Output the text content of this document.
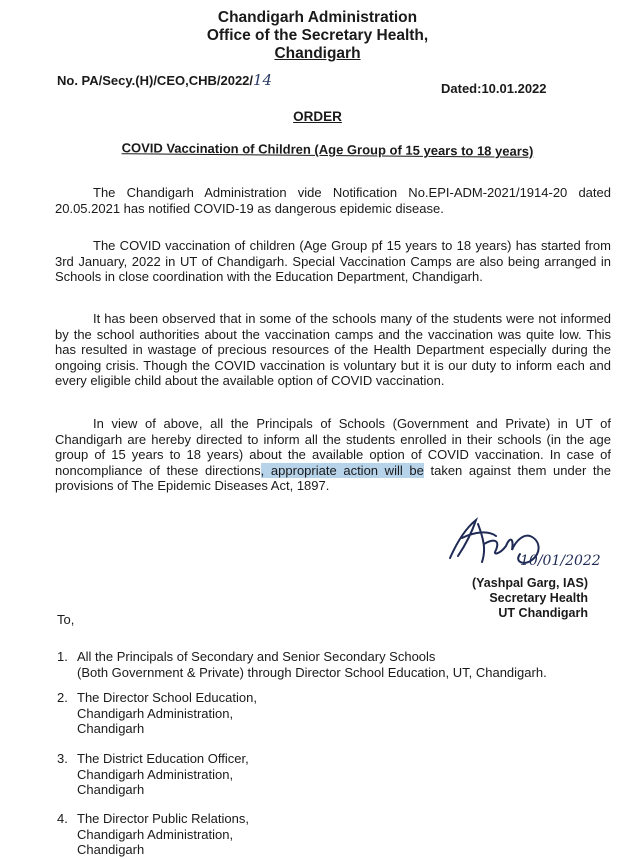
Chandigarh Administration
Office of the Secretary Health,
Chandigarh
No. PA/Secy.(H)/CEO,CHB/2022/14	Dated:10.01.2022
ORDER
COVID Vaccination of Children (Age Group of 15 years to 18 years)

The Chandigarh Administration vide Notification No.EPI-ADM-2021/1914-20 dated 20.05.2021 has notified COVID-19 as dangerous epidemic disease.

The COVID vaccination of children (Age Group pf 15 years to 18 years) has started from 3rd January, 2022 in UT of Chandigarh. Special Vaccination Camps are also being arranged in Schools in close coordination with the Education Department, Chandigarh.

It has been observed that in some of the schools many of the students were not informed by the school authorities about the vaccination camps and the vaccination was quite low. This has resulted in wastage of precious resources of the Health Department especially during the ongoing crisis. Though the COVID vaccination is voluntary but it is our duty to inform each and every eligible child about the available option of COVID vaccination.

In view of above, all the Principals of Schools (Government and Private) in UT of Chandigarh are hereby directed to inform all the students enrolled in their schools (in the age group of 15 years to 18 years) about the available option of COVID vaccination. In case of noncompliance of these directions, appropriate action will be taken against them under the provisions of The Epidemic Diseases Act, 1897.

10/01/2022
(Yashpal Garg, IAS)
Secretary Health
UT Chandigarh
To,
1. All the Principals of Secondary and Senior Secondary Schools
(Both Government & Private) through Director School Education, UT, Chandigarh.
2. The Director School Education,
Chandigarh Administration,
Chandigarh
3. The District Education Officer,
Chandigarh Administration,
Chandigarh
4. The Director Public Relations,
Chandigarh Administration,
Chandigarh
